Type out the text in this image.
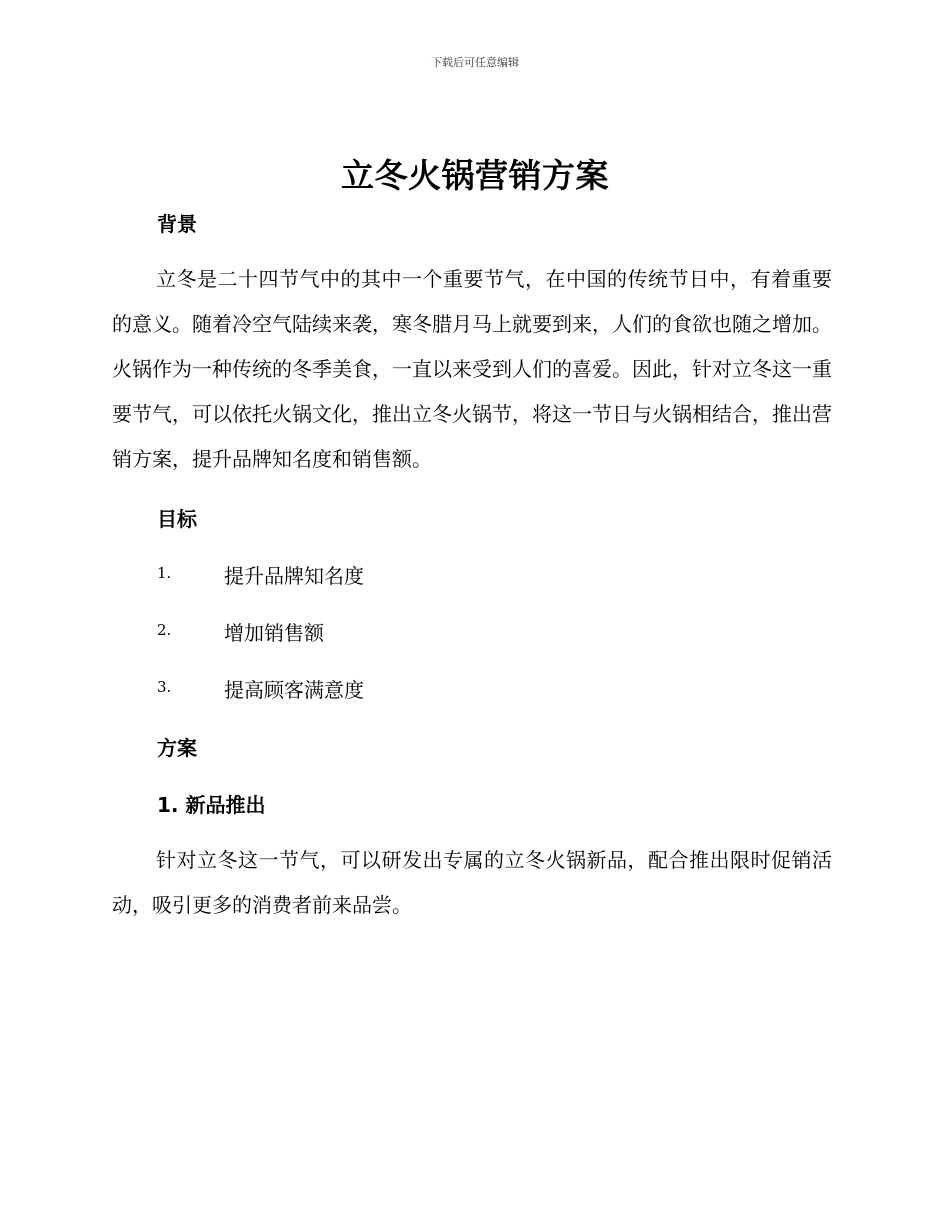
下载后可任意编辑
立冬火锅营销方案
背景
立冬是二十四节气中的其中一个重要节气，在中国的传统节日中，有着重要的意义。随着冷空气陆续来袭，寒冬腊月马上就要到来，人们的食欲也随之增加。火锅作为一种传统的冬季美食，一直以来受到人们的喜爱。因此，针对立冬这一重要节气，可以依托火锅文化，推出立冬火锅节，将这一节日与火锅相结合，推出营销方案，提升品牌知名度和销售额。
目标
1.	提升品牌知名度
2.	增加销售额
3.	提高顾客满意度
方案
1. 新品推出
针对立冬这一节气，可以研发出专属的立冬火锅新品，配合推出限时促销活动，吸引更多的消费者前来品尝。
